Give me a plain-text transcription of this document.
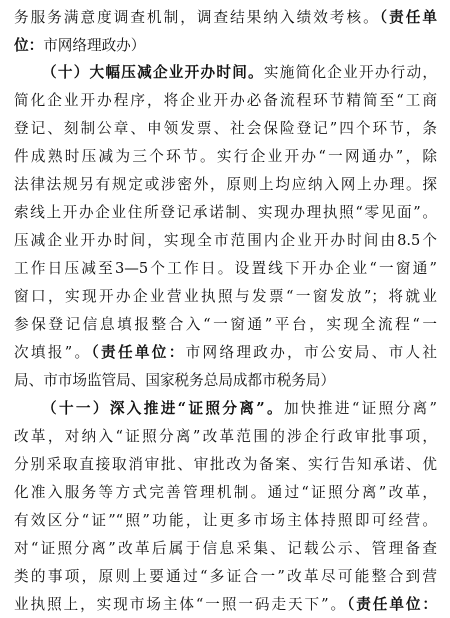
务服务满意度调查机制，调查结果纳入绩效考核。（责任单
位：市网络理政办）
（十）大幅压减企业开办时间。实施简化企业开办行动，
简化企业开办程序，将企业开办必备流程环节精简至“工商
登记、刻制公章、申领发票、社会保险登记”四个环节，条
件成熟时压减为三个环节。实行企业开办“一网通办”，除
法律法规另有规定或涉密外，原则上均应纳入网上办理。探
索线上开办企业住所登记承诺制、实现办理执照“零见面”。
压减企业开办时间，实现全市范围内企业开办时间由8.5个
工作日压减至3—5个工作日。设置线下开办企业“一窗通”
窗口，实现开办企业营业执照与发票“一窗发放”；将就业
参保登记信息填报整合入“一窗通”平台，实现全流程“一
次填报”。（责任单位：市网络理政办，市公安局、市人社
局、市市场监管局、国家税务总局成都市税务局）
（十一）深入推进“证照分离”。加快推进“证照分离”
改革，对纳入“证照分离”改革范围的涉企行政审批事项，
分别采取直接取消审批、审批改为备案、实行告知承诺、优
化准入服务等方式完善管理机制。通过“证照分离”改革，
有效区分“证”“照”功能，让更多市场主体持照即可经营。
对“证照分离”改革后属于信息采集、记载公示、管理备查
类的事项，原则上要通过“多证合一”改革尽可能整合到营
业执照上，实现市场主体“一照一码走天下”。（责任单位：
